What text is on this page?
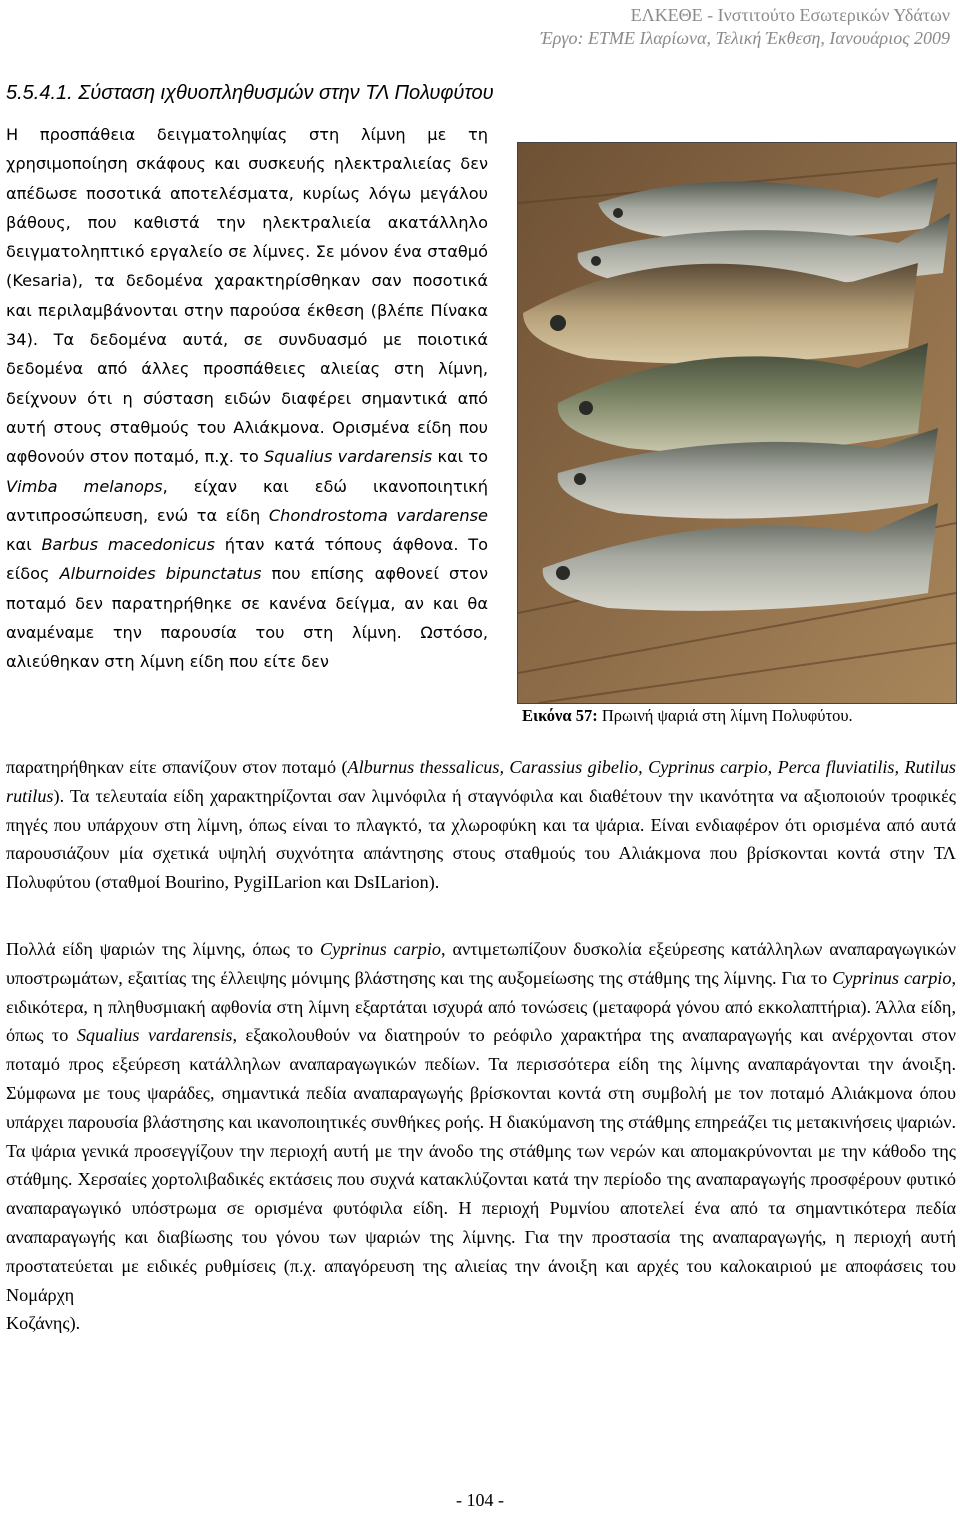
ΕΛΚΕΘΕ - Ινστιτούτο Εσωτερικών Υδάτων
Έργο: ΕΤΜΕ Ιλαρίωνα, Τελική Έκθεση, Ιανουάριος 2009
5.5.4.1. Σύσταση ιχθυοπληθυσμών στην ΤΛ Πολυφύτου

Η προσπάθεια δειγματοληψίας στη λίμνη με τη χρησιμοποίηση σκάφους και συσκευής ηλεκτραλιείας δεν απέδωσε ποσοτικά αποτελέσματα, κυρίως λόγω μεγάλου βάθους, που καθιστά την ηλεκτραλιεία ακατάλληλο δειγματοληπτικό εργαλείο σε λίμνες. Σε μόνον ένα σταθμό (Kesaria), τα δεδομένα χαρακτηρίσθηκαν σαν ποσοτικά και περιλαμβάνονται στην παρούσα έκθεση (βλέπε Πίνακα 34). Τα δεδομένα αυτά, σε συνδυασμό με ποιοτικά δεδομένα από άλλες προσπάθειες αλιείας στη λίμνη, δείχνουν ότι η σύσταση ειδών διαφέρει σημαντικά από αυτή στους σταθμούς του Αλιάκμονα. Ορισμένα είδη που αφθονούν στον ποταμό, π.χ. το Squalius vardarensis και το Vimba melanops, είχαν και εδώ ικανοποιητική αντιπροσώπευση, ενώ τα είδη Chondrostoma vardarense και Barbus macedonicus ήταν κατά τόπους άφθονα. Το είδος Alburnoides bipunctatus που επίσης αφθονεί στον ποταμό δεν παρατηρήθηκε σε κανένα δείγμα, αν και θα αναμέναμε την παρουσία του στη λίμνη. Ωστόσο, αλιεύθηκαν στη λίμνη είδη που είτε δεν

Εικόνα 57: Πρωινή ψαριά στη λίμνη Πολυφύτου.

παρατηρήθηκαν είτε σπανίζουν στον ποταμό (Alburnus thessalicus, Carassius gibelio, Cyprinus carpio, Perca fluviatilis, Rutilus rutilus). Τα τελευταία είδη χαρακτηρίζονται σαν λιμνόφιλα ή σταγνόφιλα και διαθέτουν την ικανότητα να αξιοποιούν τροφικές πηγές που υπάρχουν στη λίμνη, όπως είναι το πλαγκτό, τα χλωροφύκη και τα ψάρια. Είναι ενδιαφέρον ότι ορισμένα από αυτά παρουσιάζουν μία σχετικά υψηλή συχνότητα απάντησης στους σταθμούς του Αλιάκμονα που βρίσκονται κοντά στην ΤΛ Πολυφύτου (σταθμοί Bourino, PygiILarion και DsILarion).

Πολλά είδη ψαριών της λίμνης, όπως το Cyprinus carpio, αντιμετωπίζουν δυσκολία εξεύρεσης κατάλληλων αναπαραγωγικών υποστρωμάτων, εξαιτίας της έλλειψης μόνιμης βλάστησης και της αυξομείωσης της στάθμης της λίμνης. Για το Cyprinus carpio, ειδικότερα, η πληθυσμιακή αφθονία στη λίμνη εξαρτάται ισχυρά από τονώσεις (μεταφορά γόνου από εκκολαπτήρια). Άλλα είδη, όπως το Squalius vardarensis, εξακολουθούν να διατηρούν το ρεόφιλο χαρακτήρα της αναπαραγωγής και ανέρχονται στον ποταμό προς εξεύρεση κατάλληλων αναπαραγωγικών πεδίων. Τα περισσότερα είδη της λίμνης αναπαράγονται την άνοιξη. Σύμφωνα με τους ψαράδες, σημαντικά πεδία αναπαραγωγής βρίσκονται κοντά στη συμβολή με τον ποταμό Αλιάκμονα όπου υπάρχει παρουσία βλάστησης και ικανοποιητικές συνθήκες ροής. Η διακύμανση της στάθμης επηρεάζει τις μετακινήσεις ψαριών. Τα ψάρια γενικά προσεγγίζουν την περιοχή αυτή με την άνοδο της στάθμης των νερών και απομακρύνονται με την κάθοδο της στάθμης. Χερσαίες χορτολιβαδικές εκτάσεις που συχνά κατακλύζονται κατά την περίοδο της αναπαραγωγής προσφέρουν φυτικό αναπαραγωγικό υπόστρωμα σε ορισμένα φυτόφιλα είδη. Η περιοχή Ρυμνίου αποτελεί ένα από τα σημαντικότερα πεδία αναπαραγωγής και διαβίωσης του γόνου των ψαριών της λίμνης. Για την προστασία της αναπαραγωγής, η περιοχή αυτή προστατεύεται με ειδικές ρυθμίσεις (π.χ. απαγόρευση της αλιείας την άνοιξη και αρχές του καλοκαιριού με αποφάσεις του Νομάρχη
Κοζάνης).

- 104 -
